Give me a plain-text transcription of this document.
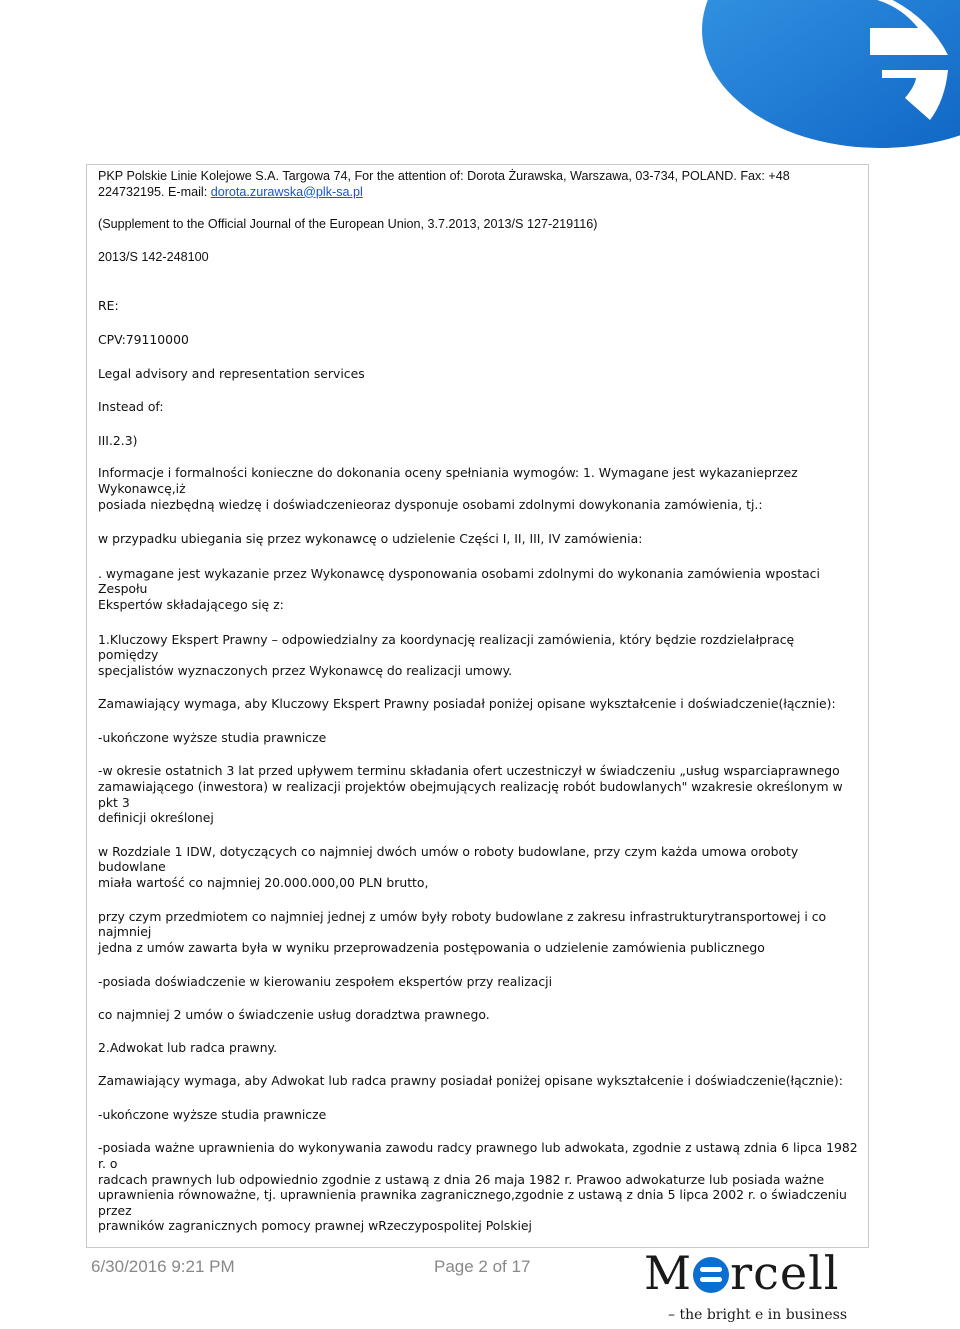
PKP Polskie Linie Kolejowe S.A. Targowa 74, For the attention of: Dorota Żurawska, Warszawa, 03-734, POLAND. Fax: +48
224732195. E-mail: dorota.zurawska@plk-sa.pl

(Supplement to the Official Journal of the European Union, 3.7.2013, 2013/S 127-219116)

2013/S 142-248100

RE:

CPV:79110000

Legal advisory and representation services

Instead of:

III.2.3)

Informacje i formalności konieczne do dokonania oceny spełniania wymogów: 1. Wymagane jest wykazanieprzez Wykonawcę,iż
posiada niezbędną wiedzę i doświadczenieoraz dysponuje osobami zdolnymi dowykonania zamówienia, tj.:

w przypadku ubiegania się przez wykonawcę o udzielenie Części I, II, III, IV zamówienia:

. wymagane jest wykazanie przez Wykonawcę dysponowania osobami zdolnymi do wykonania zamówienia wpostaci Zespołu
Ekspertów składającego się z:

1.Kluczowy Ekspert Prawny – odpowiedzialny za koordynację realizacji zamówienia, który będzie rozdzielałpracę pomiędzy
specjalistów wyznaczonych przez Wykonawcę do realizacji umowy.

Zamawiający wymaga, aby Kluczowy Ekspert Prawny posiadał poniżej opisane wykształcenie i doświadczenie(łącznie):

-ukończone wyższe studia prawnicze

-w okresie ostatnich 3 lat przed upływem terminu składania ofert uczestniczył w świadczeniu „usług wsparciaprawnego
zamawiającego (inwestora) w realizacji projektów obejmujących realizację robót budowlanych" wzakresie określonym w pkt 3
definicji określonej

w Rozdziale 1 IDW, dotyczących co najmniej dwóch umów o roboty budowlane, przy czym każda umowa oroboty budowlane
miała wartość co najmniej 20.000.000,00 PLN brutto,

przy czym przedmiotem co najmniej jednej z umów były roboty budowlane z zakresu infrastrukturytransportowej i co najmniej
jedna z umów zawarta była w wyniku przeprowadzenia postępowania o udzielenie zamówienia publicznego

-posiada doświadczenie w kierowaniu zespołem ekspertów przy realizacji

co najmniej 2 umów o świadczenie usług doradztwa prawnego.

2.Adwokat lub radca prawny.

Zamawiający wymaga, aby Adwokat lub radca prawny posiadał poniżej opisane wykształcenie i doświadczenie(łącznie):

-ukończone wyższe studia prawnicze

-posiada ważne uprawnienia do wykonywania zawodu radcy prawnego lub adwokata, zgodnie z ustawą zdnia 6 lipca 1982 r. o
radcach prawnych lub odpowiednio zgodnie z ustawą z dnia 26 maja 1982 r. Prawoo adwokaturze lub posiada ważne
uprawnienia równoważne, tj. uprawnienia prawnika zagranicznego,zgodnie z ustawą z dnia 5 lipca 2002 r. o świadczeniu przez
prawników zagranicznych pomocy prawnej wRzeczypospolitej Polskiej

6/30/2016 9:21 PM	Page 2 of 17 M rcell
– the bright e in business
